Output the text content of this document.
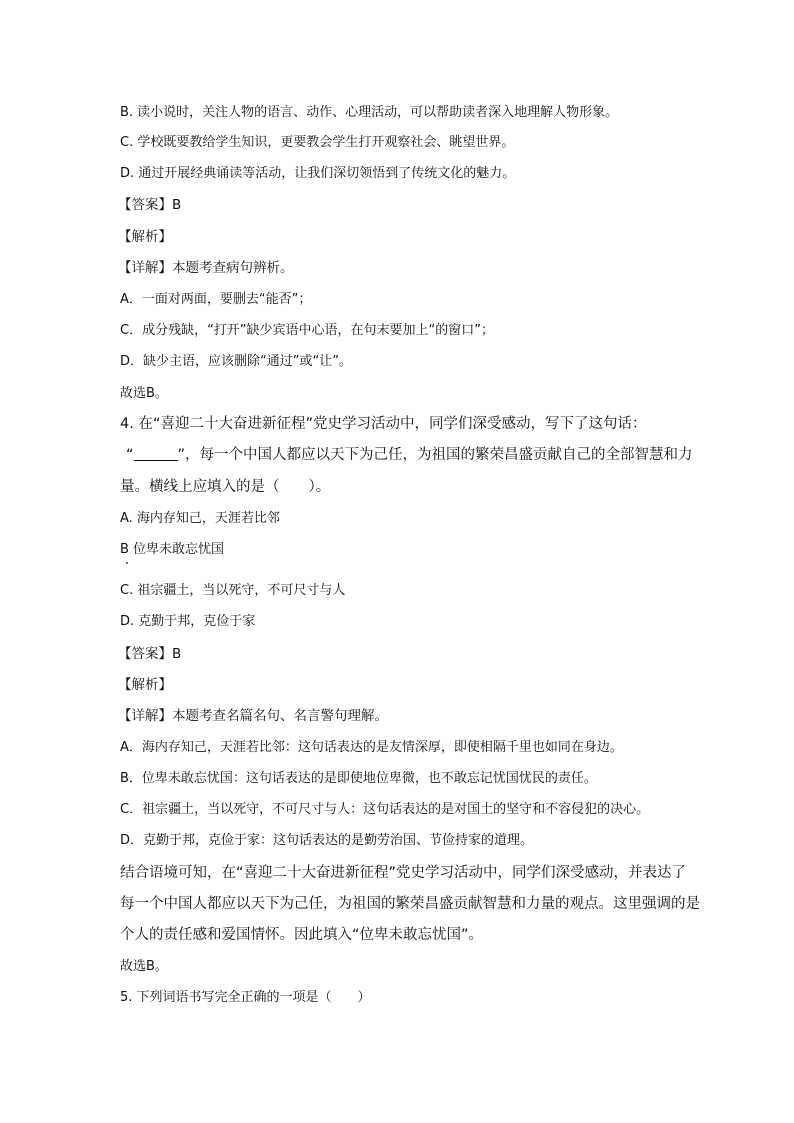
B. 读小说时，关注人物的语言、动作、心理活动，可以帮助读者深入地理解人物形象。
C. 学校既要教给学生知识，更要教会学生打开观察社会、眺望世界。
D. 通过开展经典诵读等活动，让我们深切领悟到了传统文化的魅力。
【答案】B
【解析】
【详解】本题考查病句辨析。
A．一面对两面，要删去“能否”；
C．成分残缺，“打开”缺少宾语中心语，在句末要加上“的窗口”；
D．缺少主语，应该删除“通过”或“让”。
故选B。
4. 在“喜迎二十大奋进新征程”党史学习活动中，同学们深受感动，写下了这句话：
“	”，每一个中国人都应以天下为己任，为祖国的繁荣昌盛贡献自己的全部智慧和力
量。横线上应填入的是（　　）。
A. 海内存知己，天涯若比邻
B 位卑未敢忘忧国
C. 祖宗疆土，当以死守，不可尺寸与人
D. 克勤于邦，克俭于家
【答案】B
【解析】
【详解】本题考查名篇名句、名言警句理解。
A．海内存知己，天涯若比邻：这句话表达的是友情深厚，即使相隔千里也如同在身边。
B．位卑未敢忘忧国：这句话表达的是即使地位卑微，也不敢忘记忧国忧民的责任。
C．祖宗疆土，当以死守，不可尺寸与人：这句话表达的是对国土的坚守和不容侵犯的决心。
D．克勤于邦，克俭于家：这句话表达的是勤劳治国、节俭持家的道理。
结合语境可知，在“喜迎二十大奋进新征程”党史学习活动中，同学们深受感动，并表达了
每一个中国人都应以天下为己任，为祖国的繁荣昌盛贡献智慧和力量的观点。这里强调的是
个人的责任感和爱国情怀。因此填入“位卑未敢忘忧国”。
故选B。
5. 下列词语书写完全正确的一项是（　　）
